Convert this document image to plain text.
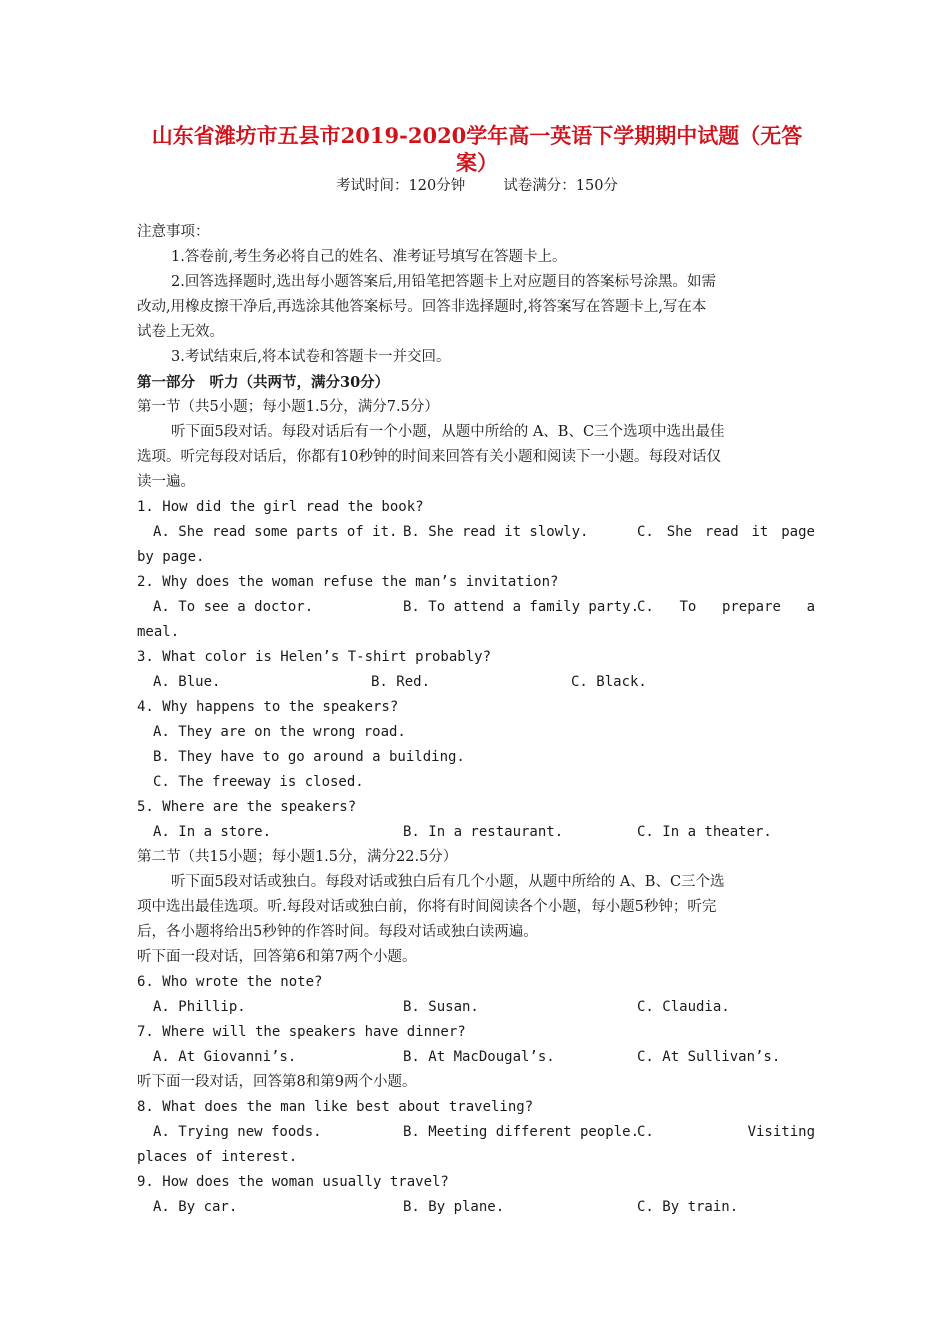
山东省潍坊市五县市2019-2020学年高一英语下学期期中试题（无答案）
考试时间：120分钟	试卷满分：150分
注意事项：
1.答卷前,考生务必将自己的姓名、准考证号填写在答题卡上。
2.回答选择题时,选出每小题答案后,用铅笔把答题卡上对应题目的答案标号涂黑。如需
改动,用橡皮擦干净后,再选涂其他答案标号。回答非选择题时,将答案写在答题卡上,写在本
试卷上无效。
3.考试结束后,将本试卷和答题卡一并交回。
第一部分　听力（共两节，满分30分）
第一节（共5小题；每小题1.5分，满分7.5分）
听下面5段对话。每段对话后有一个小题，从题中所给的 A、B、C三个选项中选出最佳
选项。听完每段对话后，你都有10秒钟的时间来回答有关小题和阅读下一小题。每段对话仅
读一遍。
1. How did the girl read the book?
A. She read some parts of it. B. She read it slowly.	C. She read it page
by page.
2. Why does the woman refuse the man’s invitation?
A. To see a doctor.	B. To attend a family party.
C. To prepare a
meal.
3. What color is Helen’s T-shirt probably?
A. Blue.	B. Red.	C. Black.
4. Why happens to the speakers?
A. They are on the wrong road.
B. They have to go around a building.
C. The freeway is closed.
5. Where are the speakers?
A. In a store.	B. In a restaurant.	C. In a theater.
第二节（共15小题；每小题1.5分，满分22.5分）
听下面5段对话或独白。每段对话或独白后有几个小题，从题中所给的 A、B、C三个选
项中选出最佳选项。听.每段对话或独白前，你将有时间阅读各个小题，每小题5秒钟；听完
后，各小题将给出5秒钟的作答时间。每段对话或独白读两遍。
听下面一段对话，回答第6和第7两个小题。
6. Who wrote the note?
A. Phillip.	B. Susan.	C. Claudia.
7. Where will the speakers have dinner?
A. At Giovanni’s.	B. At MacDougal’s.	C. At Sullivan’s.
听下面一段对话，回答第8和第9两个小题。
8. What does the man like best about traveling?
A. Trying new foods.	B. Meeting different people.
C.	Visiting
places of interest.
9. How does the woman usually travel?
A. By car.	B. By plane.	C. By train.
